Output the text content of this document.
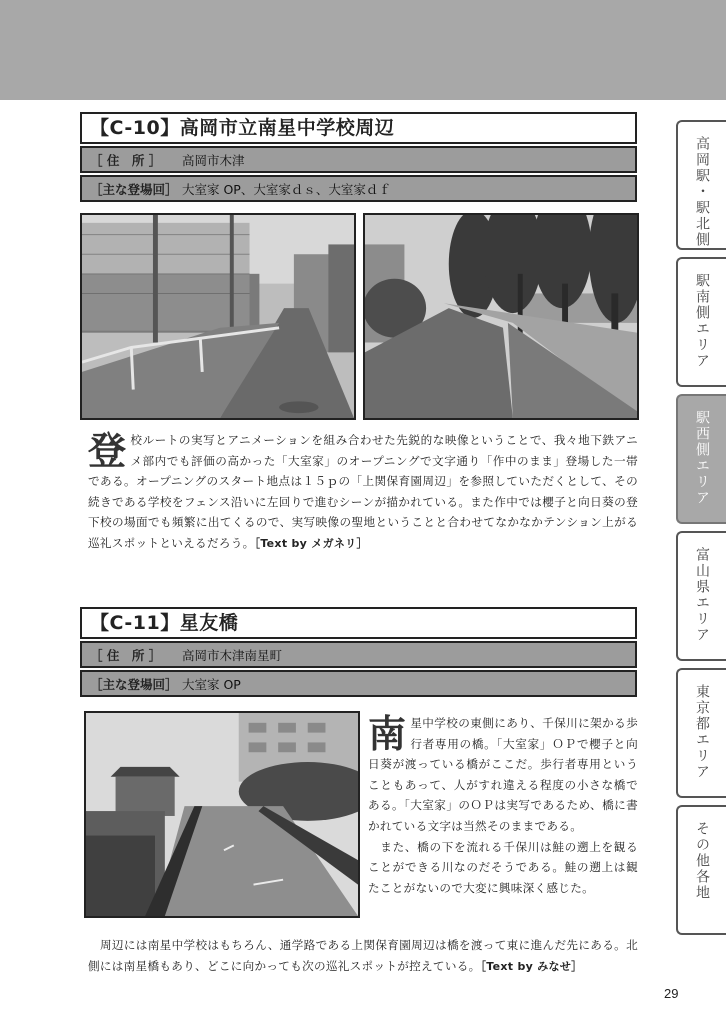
【C-10】高岡市立南星中学校周辺
［ 住　所 ］	高岡市木津
［主な登場回］ 大室家 OP、大室家ｄｓ、大室家ｄｆ
登校ルートの実写とアニメーションを組み合わせた先鋭的な映像ということで、我々地下鉄アニメ部内でも評価の高かった「大室家」のオープニングで文字通り「作中のまま」登場した一帯である。オープニングのスタート地点は１５ｐの「上関保育園周辺」を参照していただくとして、その続きである学校をフェンス沿いに左回りで進むシーンが描かれている。また作中では櫻子と向日葵の登下校の場面でも頻繁に出てくるので、実写映像の聖地ということと合わせてなかなかテンション上がる巡礼スポットといえるだろう。［Text by メガネリ］
【C-11】星友橋
［ 住　所 ］	高岡市木津南星町
［主な登場回］ 大室家 OP
南星中学校の東側にあり、千保川に架かる歩行者専用の橋。「大室家」ＯＰで櫻子と向日葵が渡っている橋がここだ。歩行者専用ということもあって、人がすれ違える程度の小さな橋である。「大室家」のＯＰは実写であるため、橋に書かれている文字は当然そのままである。
　また、橋の下を流れる千保川は鮭の遡上を観ることができる川なのだそうである。鮭の遡上は観たことがないので大変に興味深く感じた。
　周辺には南星中学校はもちろん、通学路である上関保育園周辺は橋を渡って東に進んだ先にある。北側には南星橋もあり、どこに向かっても次の巡礼スポットが控えている。［Text by みなせ］
高岡駅・駅北側
駅南側エリア
駅西側エリア
富山県エリア
東京都エリア
その他各地
29
